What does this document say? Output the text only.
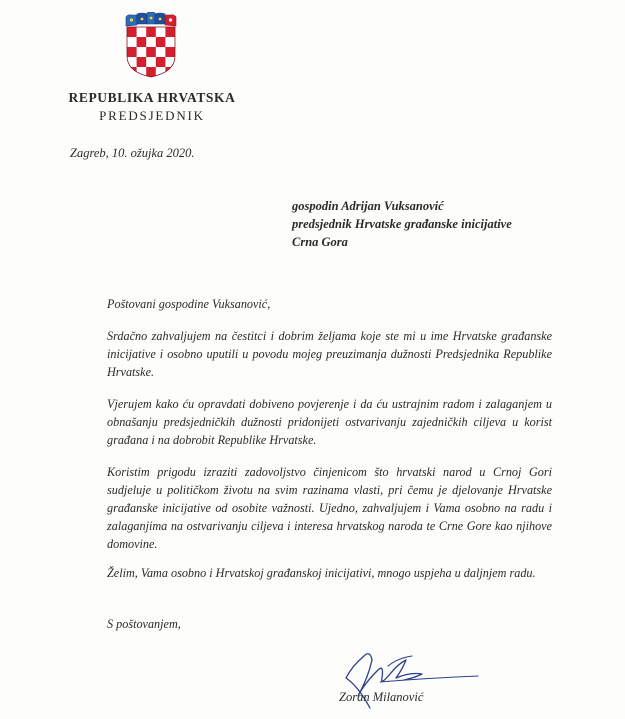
REPUBLIKA HRVATSKA
PREDSJEDNIK
Zagreb, 10. ožujka 2020.
gospodin Adrijan Vuksanović
predsjednik Hrvatske građanske inicijative
Crna Gora

Poštovani gospodine Vuksanović,

Srdačno zahvaljujem na čestitci i dobrim željama koje ste mi u ime Hrvatske građanske inicijative i osobno uputili u povodu mojeg preuzimanja dužnosti Predsjednika Republike Hrvatske.

Vjerujem kako ću opravdati dobiveno povjerenje i da ću ustrajnim radom i zalaganjem u obnašanju predsjedničkih dužnosti pridonijeti ostvarivanju zajedničkih ciljeva u korist građana i na dobrobit Republike Hrvatske.

Koristim prigodu izraziti zadovoljstvo činjenicom što hrvatski narod u Crnoj Gori sudjeluje u političkom životu na svim razinama vlasti, pri čemu je djelovanje Hrvatske građanske inicijative od osobite važnosti. Ujedno, zahvaljujem i Vama osobno na radu i zalaganjima na ostvarivanju ciljeva i interesa hrvatskog naroda te Crne Gore kao njihove domovine.

Želim, Vama osobno i Hrvatskoj građanskoj inicijativi, mnogo uspjeha u daljnjem radu.

S poštovanjem,

Zoran Milanović
